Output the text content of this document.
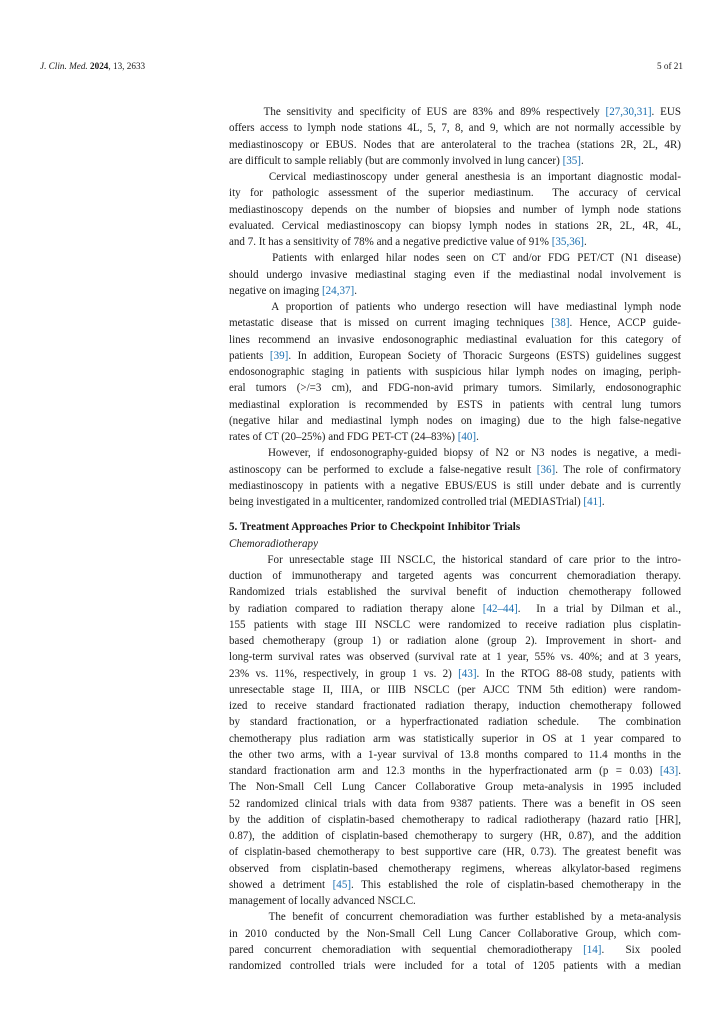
J. Clin. Med. 2024, 13, 2633	5 of 21

The sensitivity and specificity of EUS are 83% and 89% respectively [27,30,31]. EUS
offers access to lymph node stations 4L, 5, 7, 8, and 9, which are not normally accessible by
mediastinoscopy or EBUS. Nodes that are anterolateral to the trachea (stations 2R, 2L, 4R)
are difficult to sample reliably (but are commonly involved in lung cancer) [35].

Cervical mediastinoscopy under general anesthesia is an important diagnostic modal-
ity for pathologic assessment of the superior mediastinum.  The accuracy of cervical
mediastinoscopy depends on the number of biopsies and number of lymph node stations
evaluated. Cervical mediastinoscopy can biopsy lymph nodes in stations 2R, 2L, 4R, 4L,
and 7. It has a sensitivity of 78% and a negative predictive value of 91% [35,36].

Patients with enlarged hilar nodes seen on CT and/or FDG PET/CT (N1 disease)
should undergo invasive mediastinal staging even if the mediastinal nodal involvement is
negative on imaging [24,37].

A proportion of patients who undergo resection will have mediastinal lymph node
metastatic disease that is missed on current imaging techniques [38]. Hence, ACCP guide-
lines recommend an invasive endosonographic mediastinal evaluation for this category of
patients [39]. In addition, European Society of Thoracic Surgeons (ESTS) guidelines suggest
endosonographic staging in patients with suspicious hilar lymph nodes on imaging, periph-
eral tumors (>/=3 cm), and FDG-non-avid primary tumors. Similarly, endosonographic
mediastinal exploration is recommended by ESTS in patients with central lung tumors
(negative hilar and mediastinal lymph nodes on imaging) due to the high false-negative
rates of CT (20–25%) and FDG PET-CT (24–83%) [40].

However, if endosonography-guided biopsy of N2 or N3 nodes is negative, a medi-
astinoscopy can be performed to exclude a false-negative result [36]. The role of confirmatory
mediastinoscopy in patients with a negative EBUS/EUS is still under debate and is currently
being investigated in a multicenter, randomized controlled trial (MEDIASTrial) [41].

5. Treatment Approaches Prior to Checkpoint Inhibitor Trials
Chemoradiotherapy

For unresectable stage III NSCLC, the historical standard of care prior to the intro-
duction of immunotherapy and targeted agents was concurrent chemoradiation therapy.
Randomized trials established the survival benefit of induction chemotherapy followed
by radiation compared to radiation therapy alone [42–44].  In a trial by Dilman et al.,
155 patients with stage III NSCLC were randomized to receive radiation plus cisplatin-
based chemotherapy (group 1) or radiation alone (group 2). Improvement in short- and
long-term survival rates was observed (survival rate at 1 year, 55% vs. 40%; and at 3 years,
23% vs. 11%, respectively, in group 1 vs. 2) [43]. In the RTOG 88-08 study, patients with
unresectable stage II, IIIA, or IIIB NSCLC (per AJCC TNM 5th edition) were random-
ized to receive standard fractionated radiation therapy, induction chemotherapy followed
by standard fractionation, or a hyperfractionated radiation schedule.  The combination
chemotherapy plus radiation arm was statistically superior in OS at 1 year compared to
the other two arms, with a 1-year survival of 13.8 months compared to 11.4 months in the
standard fractionation arm and 12.3 months in the hyperfractionated arm (p = 0.03) [43].
The Non-Small Cell Lung Cancer Collaborative Group meta-analysis in 1995 included
52 randomized clinical trials with data from 9387 patients. There was a benefit in OS seen
by the addition of cisplatin-based chemotherapy to radical radiotherapy (hazard ratio [HR],
0.87), the addition of cisplatin-based chemotherapy to surgery (HR, 0.87), and the addition
of cisplatin-based chemotherapy to best supportive care (HR, 0.73). The greatest benefit was
observed from cisplatin-based chemotherapy regimens, whereas alkylator-based regimens
showed a detriment [45]. This established the role of cisplatin-based chemotherapy in the
management of locally advanced NSCLC.

The benefit of concurrent chemoradiation was further established by a meta-analysis
in 2010 conducted by the Non-Small Cell Lung Cancer Collaborative Group, which com-
pared concurrent chemoradiation with sequential chemoradiotherapy [14].  Six pooled
randomized controlled trials were included for a total of 1205 patients with a median
